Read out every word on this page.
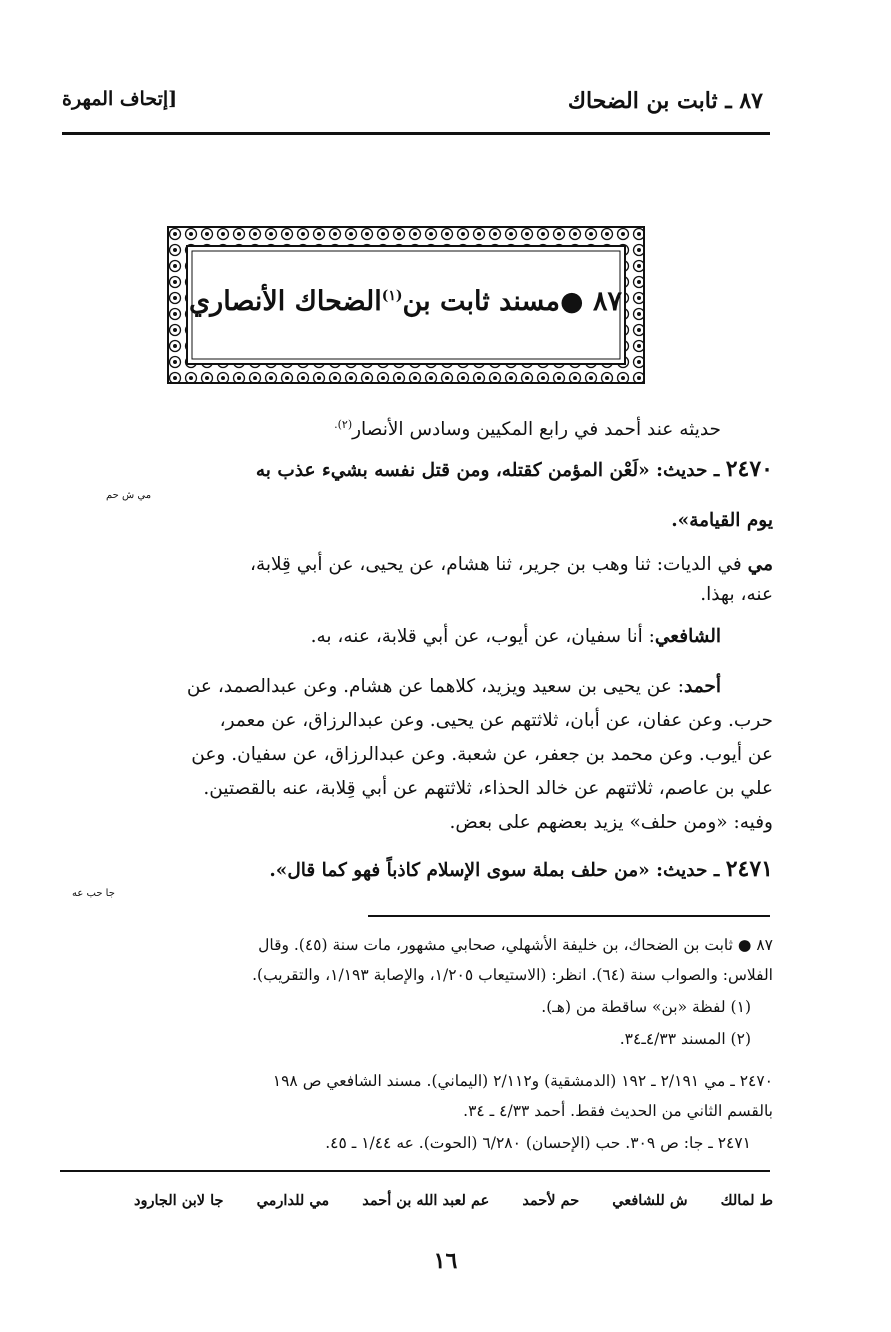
٨٧ ـ ثابت بن الضحاك
[إتحاف المهرة
٨٧ ●مسند ثابت بن$^{(١)}$الضحاك الأنصاري
حديثه عند أحمد في رابع المكيين وسادس الأنصار$^{(٢).}$
٢٤٧٠ ـ حديث: «لَعْن المؤمن كقتله، ومن قتل نفسه بشيء عذب به
مي ش حم
يوم القيامة».
مي في الديات: ثنا وهب بن جرير، ثنا هشام، عن يحيى، عن أبي قِلابة،
عنه، بهذا.
الشافعي: أنا سفيان، عن أيوب، عن أبي قلابة، عنه، به.
أحمد: عن يحيى بن سعيد ويزيد، كلاهما عن هشام. وعن عبدالصمد، عن
حرب. وعن عفان، عن أبان، ثلاثتهم عن يحيى. وعن عبدالرزاق، عن معمر،
عن أيوب. وعن محمد بن جعفر، عن شعبة. وعن عبدالرزاق، عن سفيان. وعن
علي بن عاصم، ثلاثتهم عن خالد الحذاء، ثلاثتهم عن أبي قِلابة، عنه بالقصتين.
وفيه: «ومن حلف» يزيد بعضهم على بعض.
٢٤٧١ ـ حديث: «من حلف بملة سوى الإسلام كاذباً فهو كما قال».
جا حب عه
٨٧ ● ثابت بن الضحاك، بن خليفة الأشهلي، صحابي مشهور، مات سنة (٤٥). وقال
الفلاس: والصواب سنة (٦٤). انظر: (الاستيعاب ١/٢٠٥، والإصابة ١/١٩٣، والتقريب).
(١) لفظة «بن» ساقطة من (هـ).
(٢) المسند ٤/٣٣ـ٣٤.
٢٤٧٠ ـ مي ٢/١٩١ ـ ١٩٢ (الدمشقية) و٢/١١٢ (اليماني). مسند الشافعي ص ١٩٨
بالقسم الثاني من الحديث فقط. أحمد ٤/٣٣ ـ ٣٤.
٢٤٧١ ـ جا: ص ٣٠٩. حب (الإحسان) ٦/٢٨٠ (الحوت). عه ١/٤٤ ـ ٤٥.
ط لمالك ش للشافعي حم لأحمد عم لعبد الله بن أحمد مي للدارمي جا لابن الجارود
١٦
